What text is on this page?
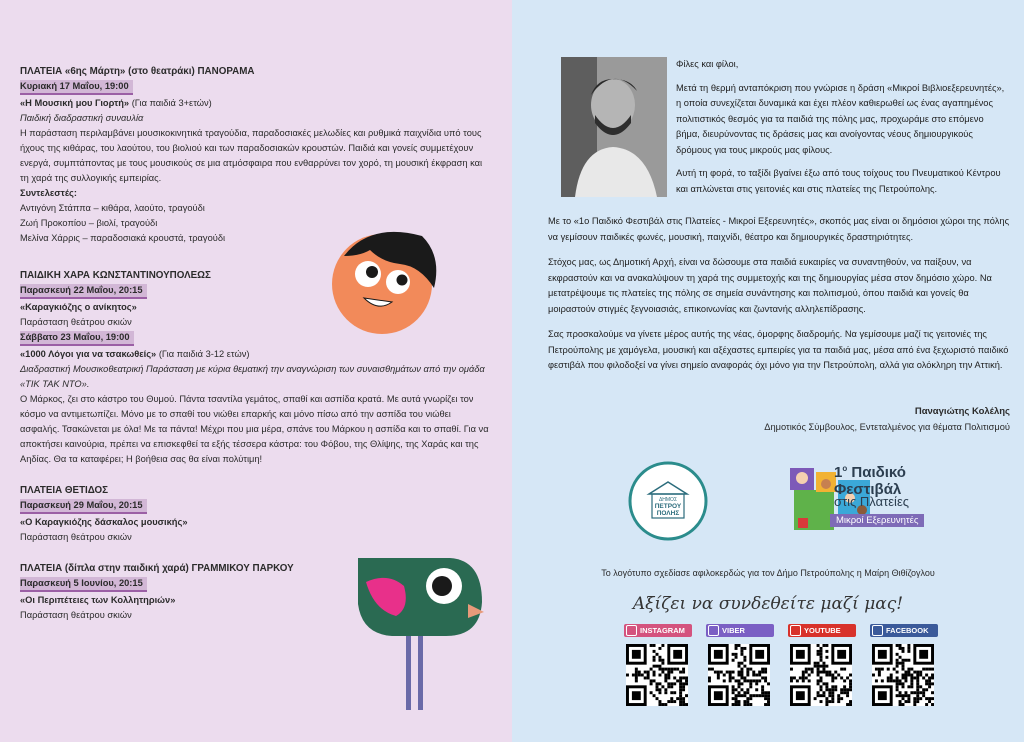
ΠΛΑΤΕΙΑ «6ης Μάρτη» (στο θεατράκι) ΠΑΝΟΡΑΜΑ

Κυριακή 17 Μαΐου, 19:00
«Η Μουσική μου Γιορτή» (Για παιδιά 3+ετών)
Παιδική διαδραστική συναυλία

Η παράσταση περιλαμβάνει μουσικοκινητικά τραγούδια, παραδοσιακές μελωδίες και ρυθμικά παιχνίδια υπό τους ήχους της κιθάρας, του λαούτου, του βιολιού και των παραδοσιακών κρουστών. Παιδιά και γονείς συμμετέχουν ενεργά, συμπτάποντας με τους μουσικούς σε μια ατμόσφαιρα που ενθαρρύνει τον χορό, τη μουσική έκφραση και τη χαρά της συλλογικής εμπειρίας.

Συντελεστές:
Αντιγόνη Στάππα – κιθάρα, λαούτο, τραγούδι
Ζωή Προκοπίου – βιολί, τραγούδι
Μελίνα Χάρρις – παραδοσιακά κρουστά, τραγούδι

ΠΑΙΔΙΚΗ ΧΑΡΑ ΚΩΝΣΤΑΝΤΙΝΟΥΠΟΛΕΩΣ

Παρασκευή 22 Μαΐου, 20:15
«Καραγκιόζης ο ανίκητος»
Παράσταση θεάτρου σκιών
Σάββατο 23 Μαΐου, 19:00
«1000 Λόγοι για να τσακωθείς» (Για παιδιά 3-12 ετών)
Διαδραστική Μουσικοθεατρική Παράσταση με κύρια θεματική την αναγνώριση των συναισθημάτων από την ομάδα «ΤΙΚ ΤΑΚ ΝΤΟ».

Ο Μάρκος, ζει στο κάστρο του Θυμού. Πάντα τσαντίλα γεμάτος, σπαθί και ασπίδα κρατά. Με αυτά γνωρίζει τον κόσμο να αντιμετωπίζει. Μόνο με το σπαθί του νιώθει επαρκής και μόνο πίσω από την ασπίδα του νιώθει ασφαλής. Τσακώνεται με όλα! Με τα πάντα! Μέχρι που μια μέρα, σπάνε του Μάρκου η ασπίδα και το σπαθί. Για να αποκτήσει καινούρια, πρέπει να επισκεφθεί τα εξής τέσσερα κάστρα: του Φόβου, της Θλίψης, της Χαράς και της Αηδίας. Θα τα καταφέρει; Η βοήθεια σας θα είναι πολύτιμη!

ΠΛΑΤΕΙΑ ΘΕΤΙΔΟΣ

Παρασκευή 29 Μαΐου, 20:15
«Ο Καραγκιόζης δάσκαλος μουσικής»
Παράσταση θεάτρου σκιών

ΠΛΑΤΕΙΑ (δίπλα στην παιδική χαρά) ΓΡΑΜΜΙΚΟΥ ΠΑΡΚΟΥ

Παρασκευή 5 Ιουνίου, 20:15
«Οι Περιπέτειες των Κολλητηριών»
Παράσταση θεάτρου σκιών

Φίλες και φίλοι,

Μετά τη θερμή ανταπόκριση που γνώρισε η δράση «Μικροί Βιβλιοεξερευνητές», η οποία συνεχίζεται δυναμικά και έχει πλέον καθιερωθεί ως ένας αγαπημένος πολιτιστικός θεσμός για τα παιδιά της πόλης μας, προχωράμε στο επόμενο βήμα, διευρύνοντας τις δράσεις μας και ανοίγοντας νέους δημιουργικούς δρόμους για τους μικρούς μας φίλους.

Αυτή τη φορά, το ταξίδι βγαίνει έξω από τους τοίχους του Πνευματικού Κέντρου και απλώνεται στις γειτονιές και στις πλατείες της Πετρούπολης.

Με το «1ο Παιδικό Φεστιβάλ στις Πλατείες - Μικροί Εξερευνητές», σκοπός μας είναι οι δημόσιοι χώροι της πόλης να γεμίσουν παιδικές φωνές, μουσική, παιχνίδι, θέατρο και δημιουργικές δραστηριότητες.

Στόχος μας, ως Δημοτική Αρχή, είναι να δώσουμε στα παιδιά ευκαιρίες να συναντηθούν, να παίξουν, να εκφραστούν και να ανακαλύψουν τη χαρά της συμμετοχής και της δημιουργίας μέσα στον δημόσιο χώρο. Να μετατρέψουμε τις πλατείες της πόλης σε σημεία συνάντησης και πολιτισμού, όπου παιδιά και γονείς θα μοιραστούν στιγμές ξεγνοιασιάς, επικοινωνίας και ζωντανής αλληλεπίδρασης.

Σας προσκαλούμε να γίνετε μέρος αυτής της νέας, όμορφης διαδρομής. Να γεμίσουμε μαζί τις γειτονιές της Πετρούπολης με χαμόγελα, μουσική και αξέχαστες εμπειρίες για τα παιδιά μας, μέσα από ένα ξεχωριστό παιδικό φεστιβάλ που φιλοδοξεί να γίνει σημείο αναφοράς όχι μόνο για την Πετρούπολη, αλλά για ολόκληρη την Αττική.

Παναγιώτης Κολέλης
Δημοτικός Σύμβουλος, Εντεταλμένος για θέματα Πολιτισμού
ΔΗΜΟΣ
ΠΕΤΡΟΥ
ΠΟΛΗΣ
$1^o$ Παιδικό
Φεστιβάλ
στις Πλατείες
Μικροί Εξερευνητές
Το λογότυπο σχεδίασε αφιλοκερδώς για τον Δήμο Πετρούπολης η Μαίρη Θιθίζογλου
Αξίζει να συνδεθείτε μαζί μας!
INSTAGRAM	VIBER	YOUTUBE	FACEBOOK
